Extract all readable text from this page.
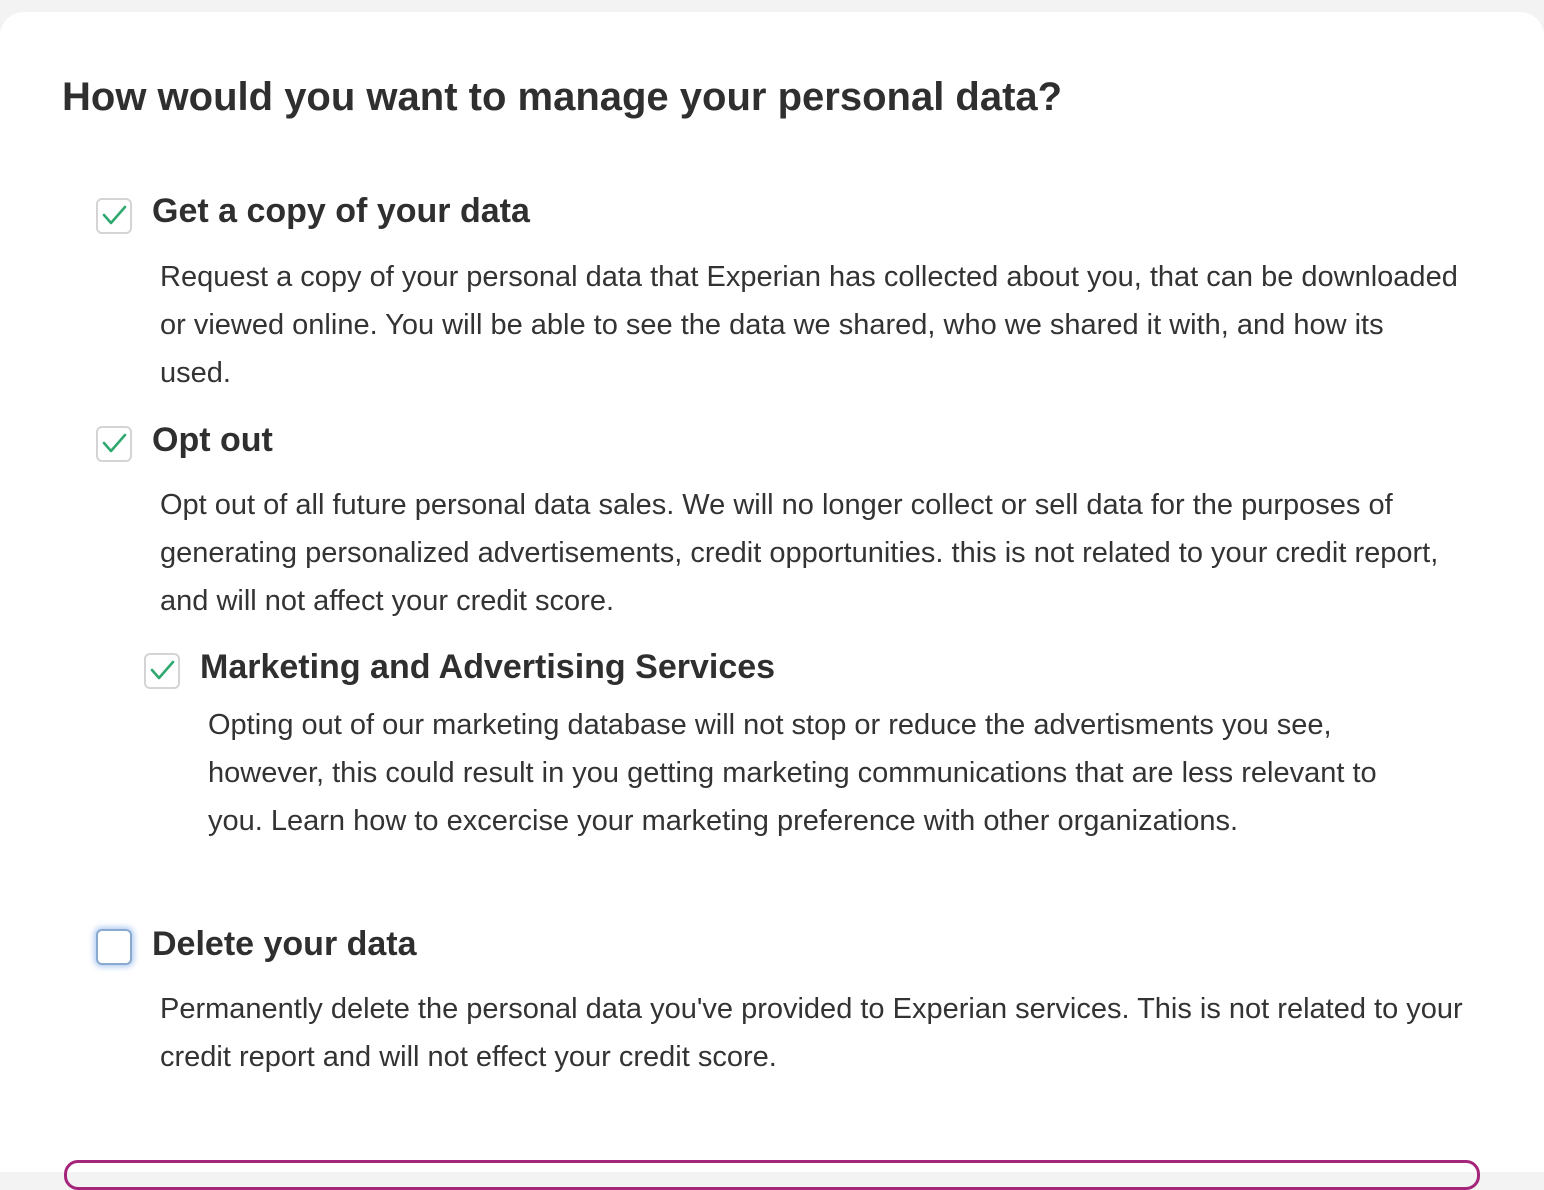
How would you want to manage your personal data?
Get a copy of your data

Request a copy of your personal data that Experian has collected about you, that can be downloaded or viewed online. You will be able to see the data we shared, who we shared it with, and how its used.

Opt out

Opt out of all future personal data sales. We will no longer collect or sell data for the purposes of generating personalized advertisements, credit opportunities. this is not related to your credit report, and will not affect your credit score.

Marketing and Advertising Services

Opting out of our marketing database will not stop or reduce the advertisments you see, however, this could result in you getting marketing communications that are less relevant to you. Learn how to excercise your marketing preference with other organizations.

Delete your data

Permanently delete the personal data you've provided to Experian services. This is not related to your credit report and will not effect your credit score.
